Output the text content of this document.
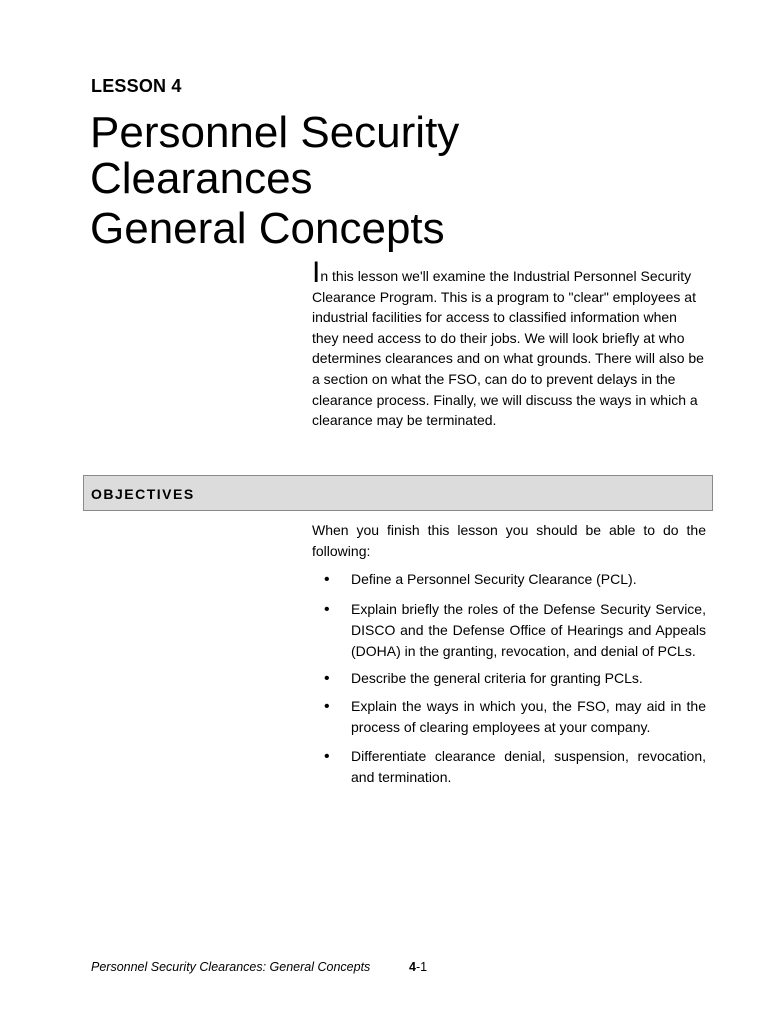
LESSON 4
Personnel Security
Clearances
General Concepts

In this lesson we'll examine the Industrial Personnel Security Clearance Program. This is a program to "clear" employees at industrial facilities for access to classified information when they need access to do their jobs. We will look briefly at who determines clearances and on what grounds. There will also be a section on what the FSO, can do to prevent delays in the clearance process. Finally, we will discuss the ways in which a clearance may be terminated.

OBJECTIVES

When you finish this lesson you should be able to do the following:

• Define a Personnel Security Clearance (PCL).
• Explain briefly the roles of the Defense Security Service, DISCO and the Defense Office of Hearings and Appeals (DOHA) in the granting, revocation, and denial of PCLs.
• Describe the general criteria for granting PCLs.
• Explain the ways in which you, the FSO, may aid in the process of clearing employees at your company.
• Differentiate clearance denial, suspension, revocation, and termination.
Personnel Security Clearances: General Concepts	4-1
